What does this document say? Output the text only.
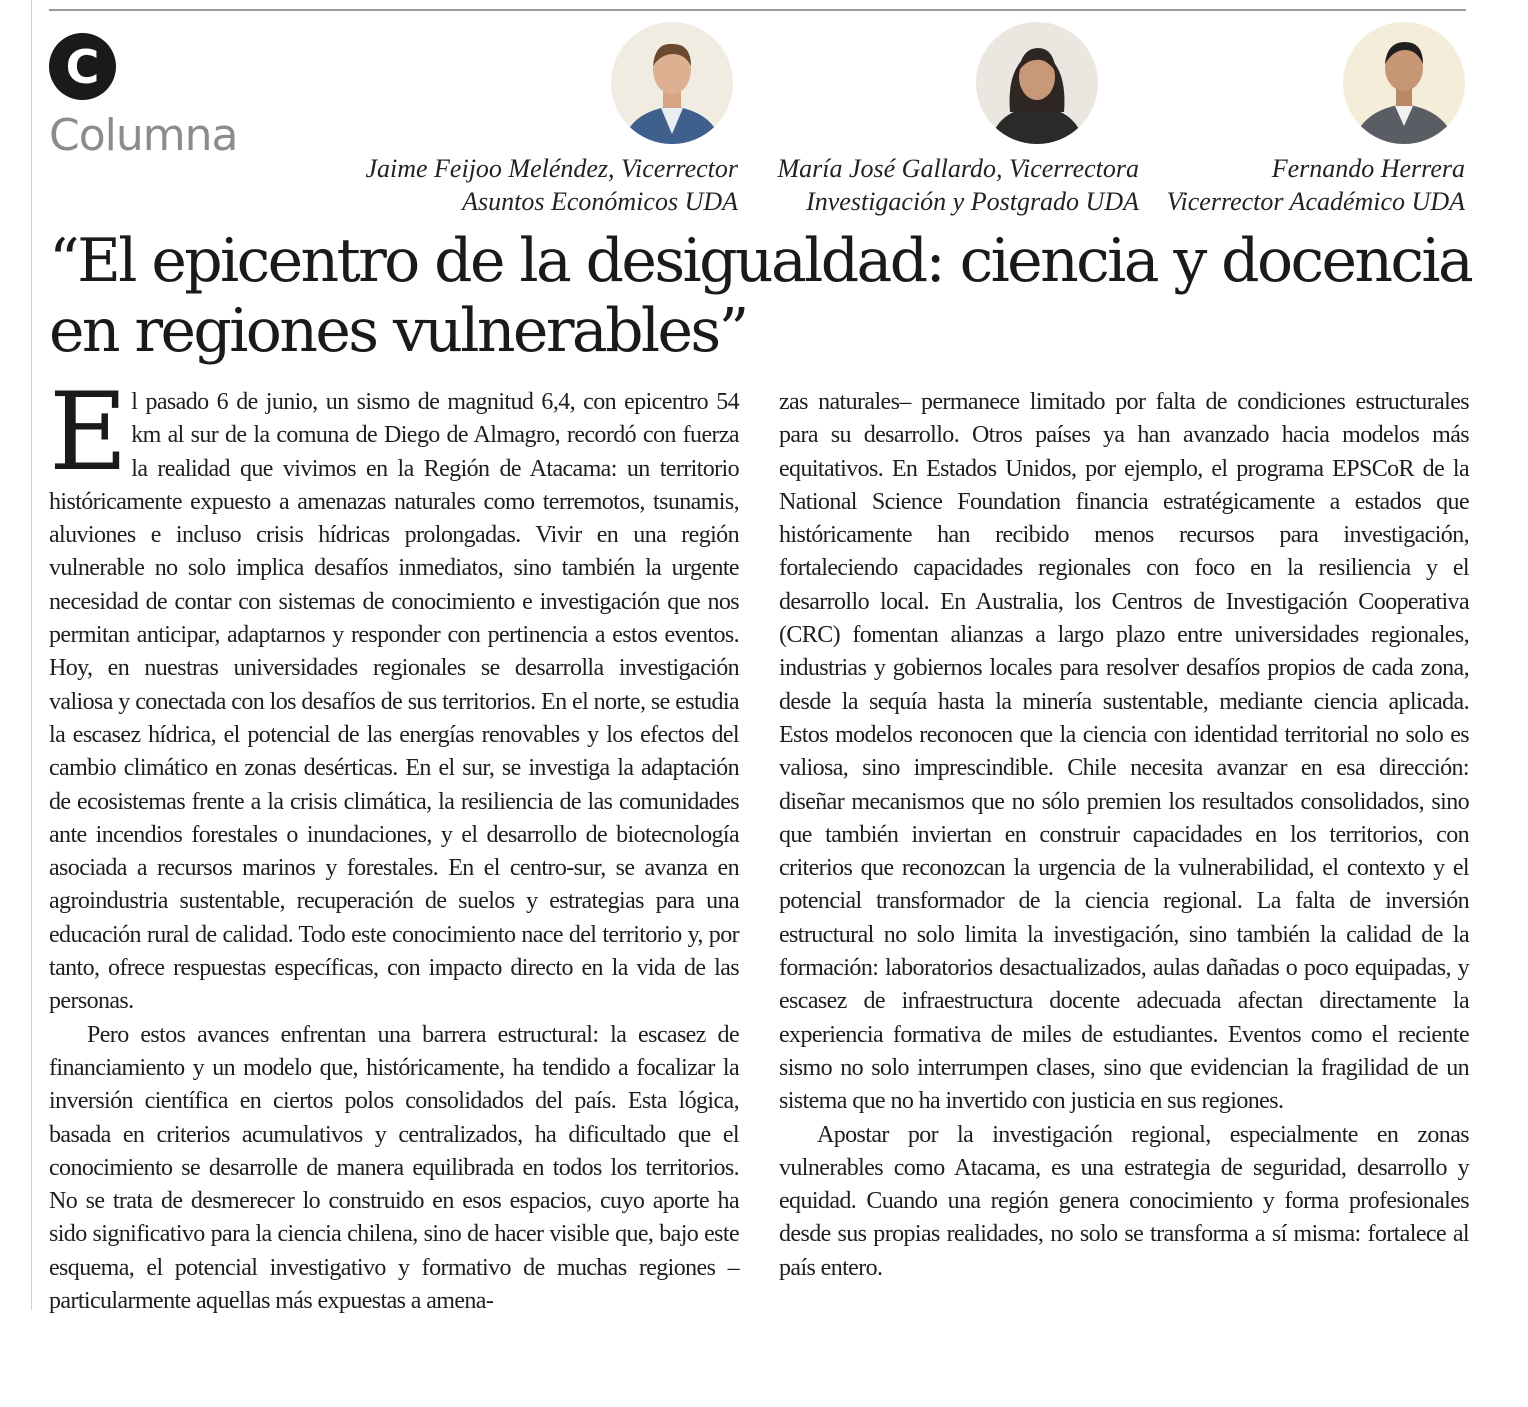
C
Columna
Jaime Feijoo Meléndez, Vicerrector
Asuntos Económicos UDA
María José Gallardo, Vicerrectora
Investigación y Postgrado UDA
Fernando Herrera
Vicerrector Académico UDA
“El epicentro de la desigualdad: ciencia y docencia
en regiones vulnerables”

El pasado 6 de junio, un sismo de magnitud 6,4, con epicentro 54 km al sur de la comuna de Diego de Almagro, recordó con fuerza la realidad que vivimos en la Región de Atacama: un territorio históricamente expuesto a amenazas naturales como terremotos, tsunamis, aluviones e incluso crisis hídricas prolongadas. Vivir en una región vulnerable no solo implica desafíos inmediatos, sino también la urgente necesidad de contar con sistemas de conocimiento e investigación que nos permitan anticipar, adaptarnos y responder con pertinencia a estos eventos. Hoy, en nuestras universidades regionales se desarrolla investigación valiosa y conectada con los desafíos de sus territorios. En el norte, se estudia la escasez hídrica, el potencial de las energías renovables y los efectos del cambio climático en zonas desérticas. En el sur, se investiga la adaptación de ecosistemas frente a la crisis climática, la resiliencia de las comunidades ante incendios forestales o inundaciones, y el desarrollo de biotecnología asociada a recursos marinos y forestales. En el centro-sur, se avanza en agroindustria sustentable, recuperación de suelos y estrategias para una educación rural de calidad. Todo este conocimiento nace del territorio y, por tanto, ofrece respuestas específicas, con impacto directo en la vida de las personas.

Pero estos avances enfrentan una barrera estructural: la escasez de financiamiento y un modelo que, históricamente, ha tendido a focalizar la inversión científica en ciertos polos consolidados del país. Esta lógica, basada en criterios acumulativos y centralizados, ha dificultado que el conocimiento se desarrolle de manera equilibrada en todos los territorios. No se trata de desmerecer lo construido en esos espacios, cuyo aporte ha sido significativo para la ciencia chilena, sino de hacer visible que, bajo este esquema, el potencial investigativo y formativo de muchas regiones –particularmente aquellas más expuestas a amena-

zas naturales– permanece limitado por falta de condiciones estructurales para su desarrollo. Otros países ya han avanzado hacia modelos más equitativos. En Estados Unidos, por ejemplo, el programa EPSCoR de la National Science Foundation financia estratégicamente a estados que históricamente han recibido menos recursos para investigación, fortaleciendo capacidades regionales con foco en la resiliencia y el desarrollo local. En Australia, los Centros de Investigación Cooperativa (CRC) fomentan alianzas a largo plazo entre universidades regionales, industrias y gobiernos locales para resolver desafíos propios de cada zona, desde la sequía hasta la minería sustentable, mediante ciencia aplicada. Estos modelos reconocen que la ciencia con identidad territorial no solo es valiosa, sino imprescindible. Chile necesita avanzar en esa dirección: diseñar mecanismos que no sólo premien los resultados consolidados, sino que también inviertan en construir capacidades en los territorios, con criterios que reconozcan la urgencia de la vulnerabilidad, el contexto y el potencial transformador de la ciencia regional. La falta de inversión estructural no solo limita la investigación, sino también la calidad de la formación: laboratorios desactualizados, aulas dañadas o poco equipadas, y escasez de infraestructura docente adecuada afectan directamente la experiencia formativa de miles de estudiantes. Eventos como el reciente sismo no solo interrumpen clases, sino que evidencian la fragilidad de un sistema que no ha invertido con justicia en sus regiones.

Apostar por la investigación regional, especialmente en zonas vulnerables como Atacama, es una estrategia de seguridad, desarrollo y equidad. Cuando una región genera conocimiento y forma profesionales desde sus propias realidades, no solo se transforma a sí misma: fortalece al país entero.
